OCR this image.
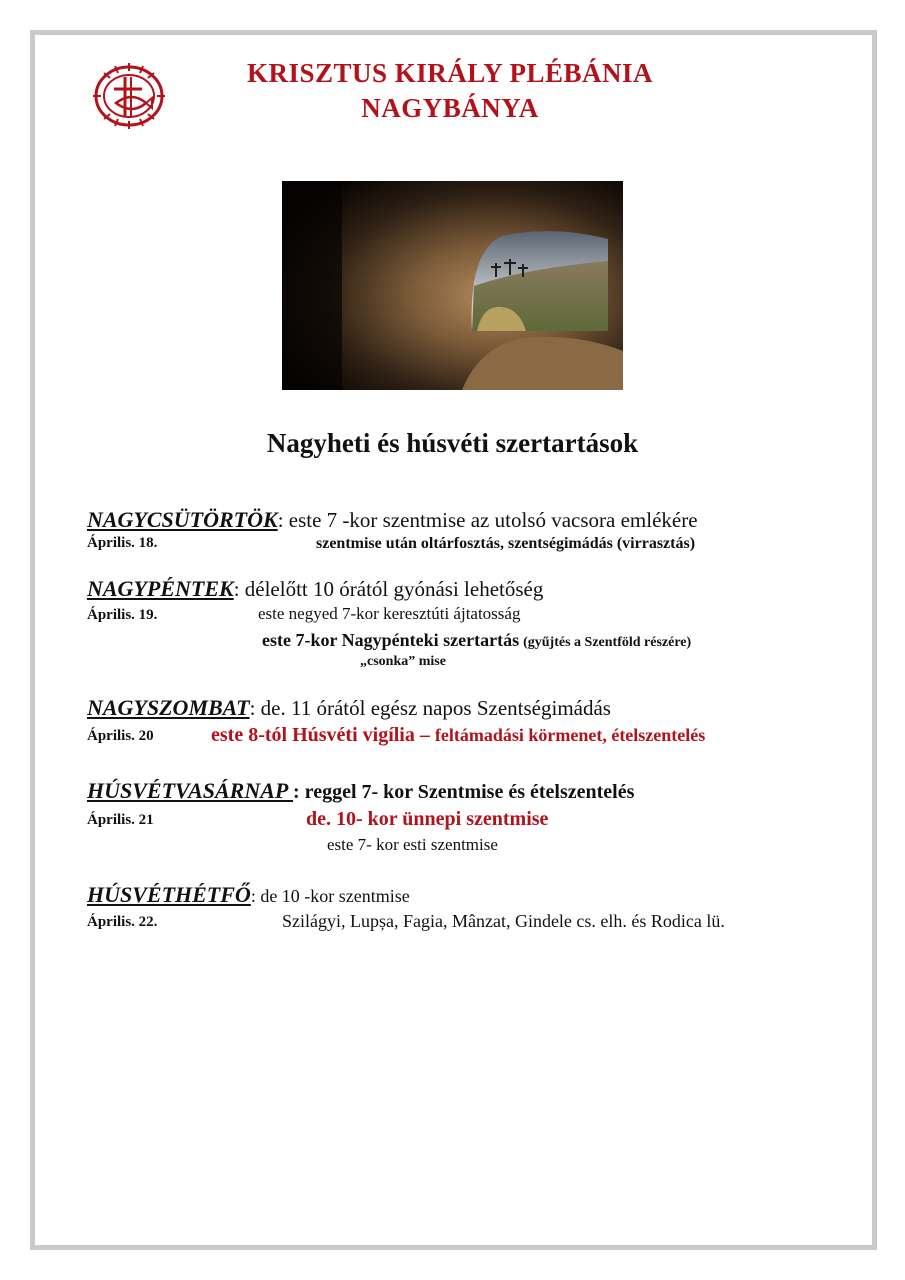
KRISZTUS KIRÁLY PLÉBÁNIA
NAGYBÁNYA
Nagyheti és húsvéti szertartások
NAGYCSÜTÖRTÖK: este 7 -kor szentmise az utolsó vacsora emlékére
Április. 18.	szentmise után oltárfosztás, szentségimádás (virrasztás)
NAGYPÉNTEK: délelőtt 10 órától gyónási lehetőség
Április. 19.	este negyed 7-kor keresztúti ájtatosság
este 7-kor Nagypénteki szertartás (gyűjtés a Szentföld részére)
„csonka” mise
NAGYSZOMBAT: de. 11 órától egész napos Szentségimádás
Április. 20	este 8-tól Húsvéti vigília – feltámadási körmenet, ételszentelés
HÚSVÉTVASÁRNAP : reggel 7- kor Szentmise és ételszentelés
Április. 21	de. 10- kor ünnepi szentmise
este 7- kor esti szentmise
HÚSVÉTHÉTFŐ: de 10 -kor szentmise
Április. 22.	Szilágyi, Lupșa, Fagia, Mânzat, Gindele cs. elh. és Rodica lü.
